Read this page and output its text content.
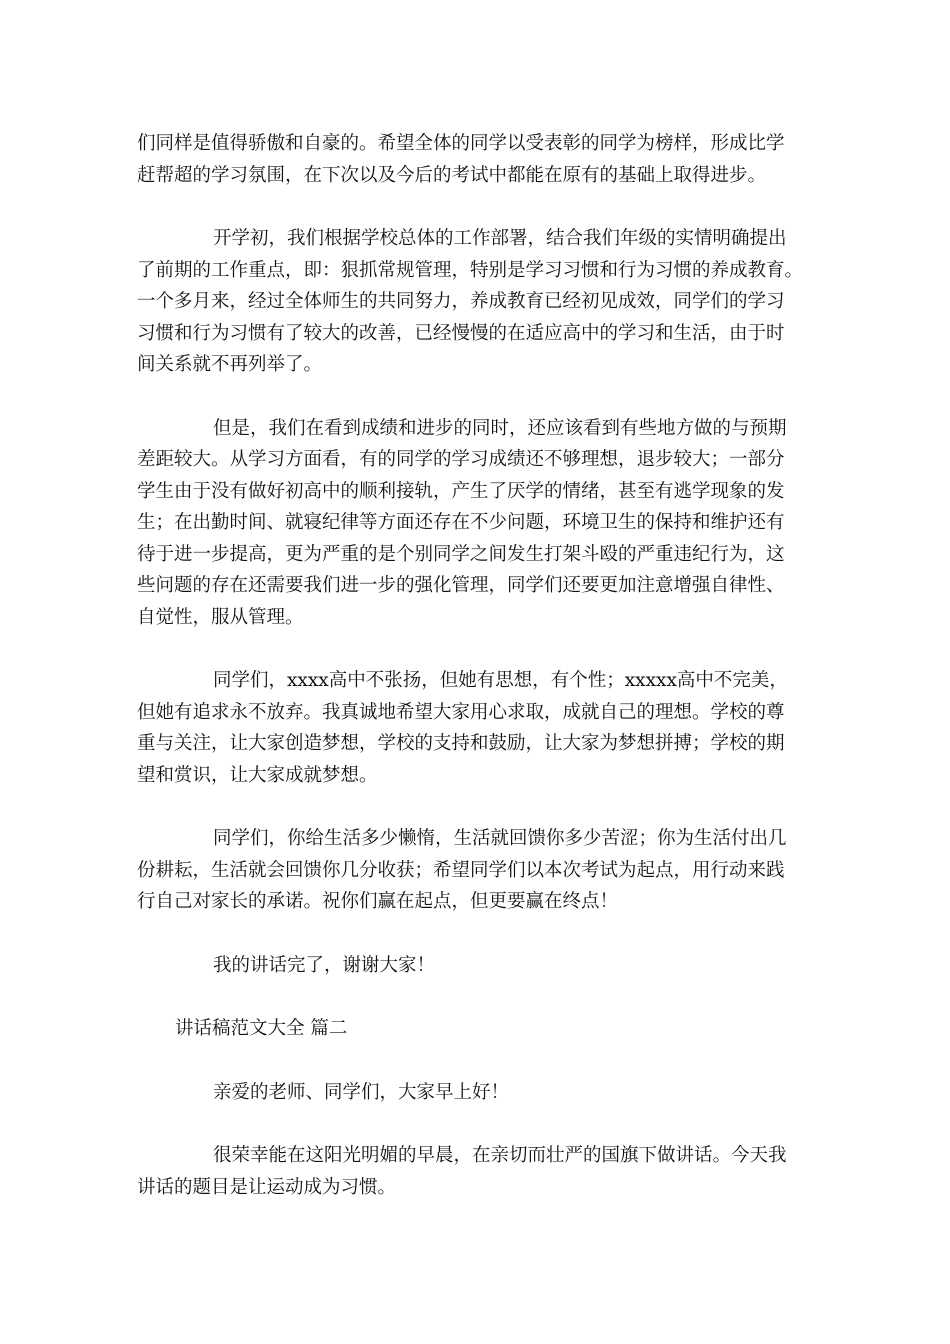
们同样是值得骄傲和自豪的。希望全体的同学以受表彰的同学为榜样，形成比学
赶帮超的学习氛围，在下次以及今后的考试中都能在原有的基础上取得进步。
开学初，我们根据学校总体的工作部署，结合我们年级的实情明确提出
了前期的工作重点，即：狠抓常规管理，特别是学习习惯和行为习惯的养成教育。
一个多月来，经过全体师生的共同努力，养成教育已经初见成效，同学们的学习
习惯和行为习惯有了较大的改善，已经慢慢的在适应高中的学习和生活，由于时
间关系就不再列举了。
但是，我们在看到成绩和进步的同时，还应该看到有些地方做的与预期
差距较大。从学习方面看，有的同学的学习成绩还不够理想，退步较大；一部分
学生由于没有做好初高中的顺利接轨，产生了厌学的情绪，甚至有逃学现象的发
生；在出勤时间、就寝纪律等方面还存在不少问题，环境卫生的保持和维护还有
待于进一步提高，更为严重的是个别同学之间发生打架斗殴的严重违纪行为，这
些问题的存在还需要我们进一步的强化管理，同学们还要更加注意增强自律性、
自觉性，服从管理。
同学们，xxxx高中不张扬，但她有思想，有个性；xxxxx高中不完美，
但她有追求永不放弃。我真诚地希望大家用心求取，成就自己的理想。学校的尊
重与关注，让大家创造梦想，学校的支持和鼓励，让大家为梦想拼搏；学校的期
望和赏识，让大家成就梦想。
同学们，你给生活多少懒惰，生活就回馈你多少苦涩；你为生活付出几
份耕耘，生活就会回馈你几分收获；希望同学们以本次考试为起点，用行动来践
行自己对家长的承诺。祝你们赢在起点，但更要赢在终点！
我的讲话完了，谢谢大家！
讲话稿范文大全 篇二
亲爱的老师、同学们，大家早上好！
很荣幸能在这阳光明媚的早晨，在亲切而壮严的国旗下做讲话。今天我
讲话的题目是让运动成为习惯。
